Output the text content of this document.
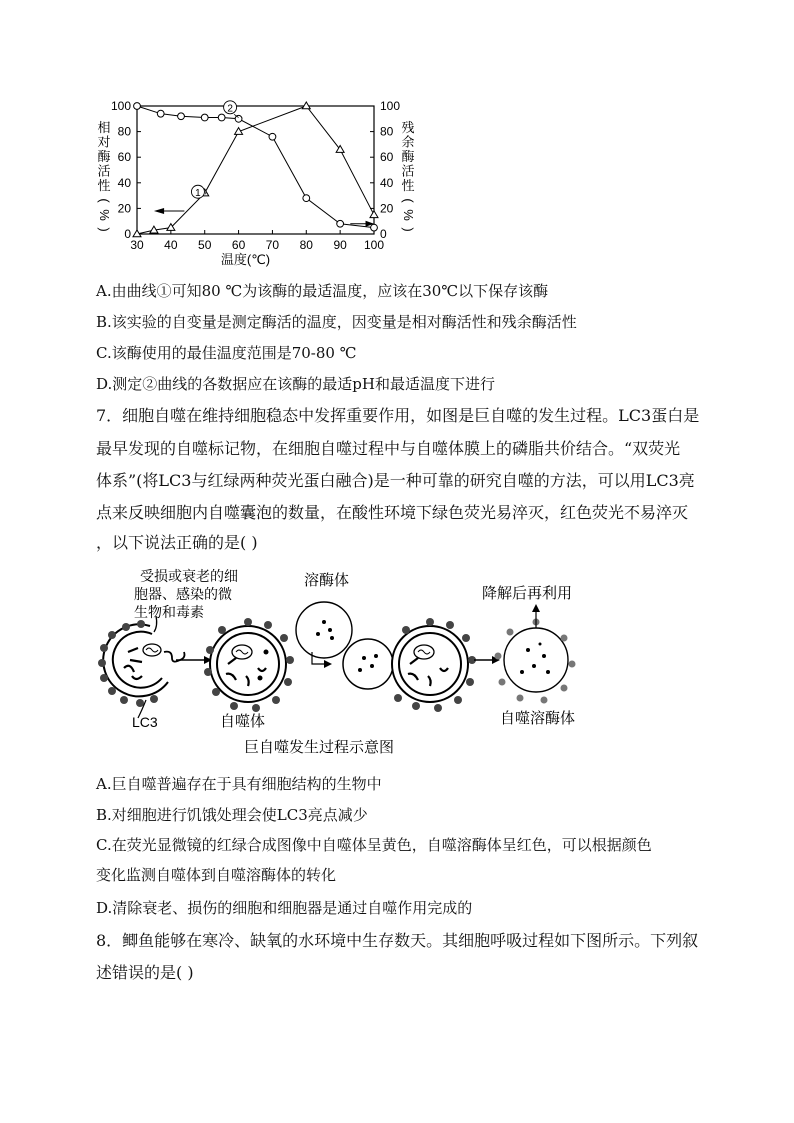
30 40 50 60 70 80 90 100
0	0
20	20
40	40
60	60
80	80
100	100
温度(℃)
相
对
酶
活
性
(
%
)
残
余
酶
活
性
(
%
)
1
2
A.由曲线①可知80 ℃为该酶的最适温度，应该在30℃以下保存该酶
B.该实验的自变量是测定酶活的温度，因变量是相对酶活性和残余酶活性
C.该酶使用的最佳温度范围是70-80 ℃
D.测定②曲线的各数据应在该酶的最适pH和最适温度下进行
7．细胞自噬在维持细胞稳态中发挥重要作用，如图是巨自噬的发生过程。LC3蛋白是
最早发现的自噬标记物，在细胞自噬过程中与自噬体膜上的磷脂共价结合。“双荧光
体系”(将LC3与红绿两种荧光蛋白融合)是一种可靠的研究自噬的方法，可以用LC3亮
点来反映细胞内自噬囊泡的数量，在酸性环境下绿色荧光易淬灭，红色荧光不易淬灭
，以下说法正确的是( )
受损或衰老的细
胞器、感染的微
生物和毒素
溶酶体
降解后再利用
LC3	自噬体	自噬溶酶体
巨自噬发生过程示意图
A.巨自噬普遍存在于具有细胞结构的生物中
B.对细胞进行饥饿处理会使LC3亮点减少
C.在荧光显微镜的红绿合成图像中自噬体呈黄色，自噬溶酶体呈红色，可以根据颜色
变化监测自噬体到自噬溶酶体的转化
D.清除衰老、损伤的细胞和细胞器是通过自噬作用完成的
8．鲫鱼能够在寒冷、缺氧的水环境中生存数天。其细胞呼吸过程如下图所示。下列叙
述错误的是( )
